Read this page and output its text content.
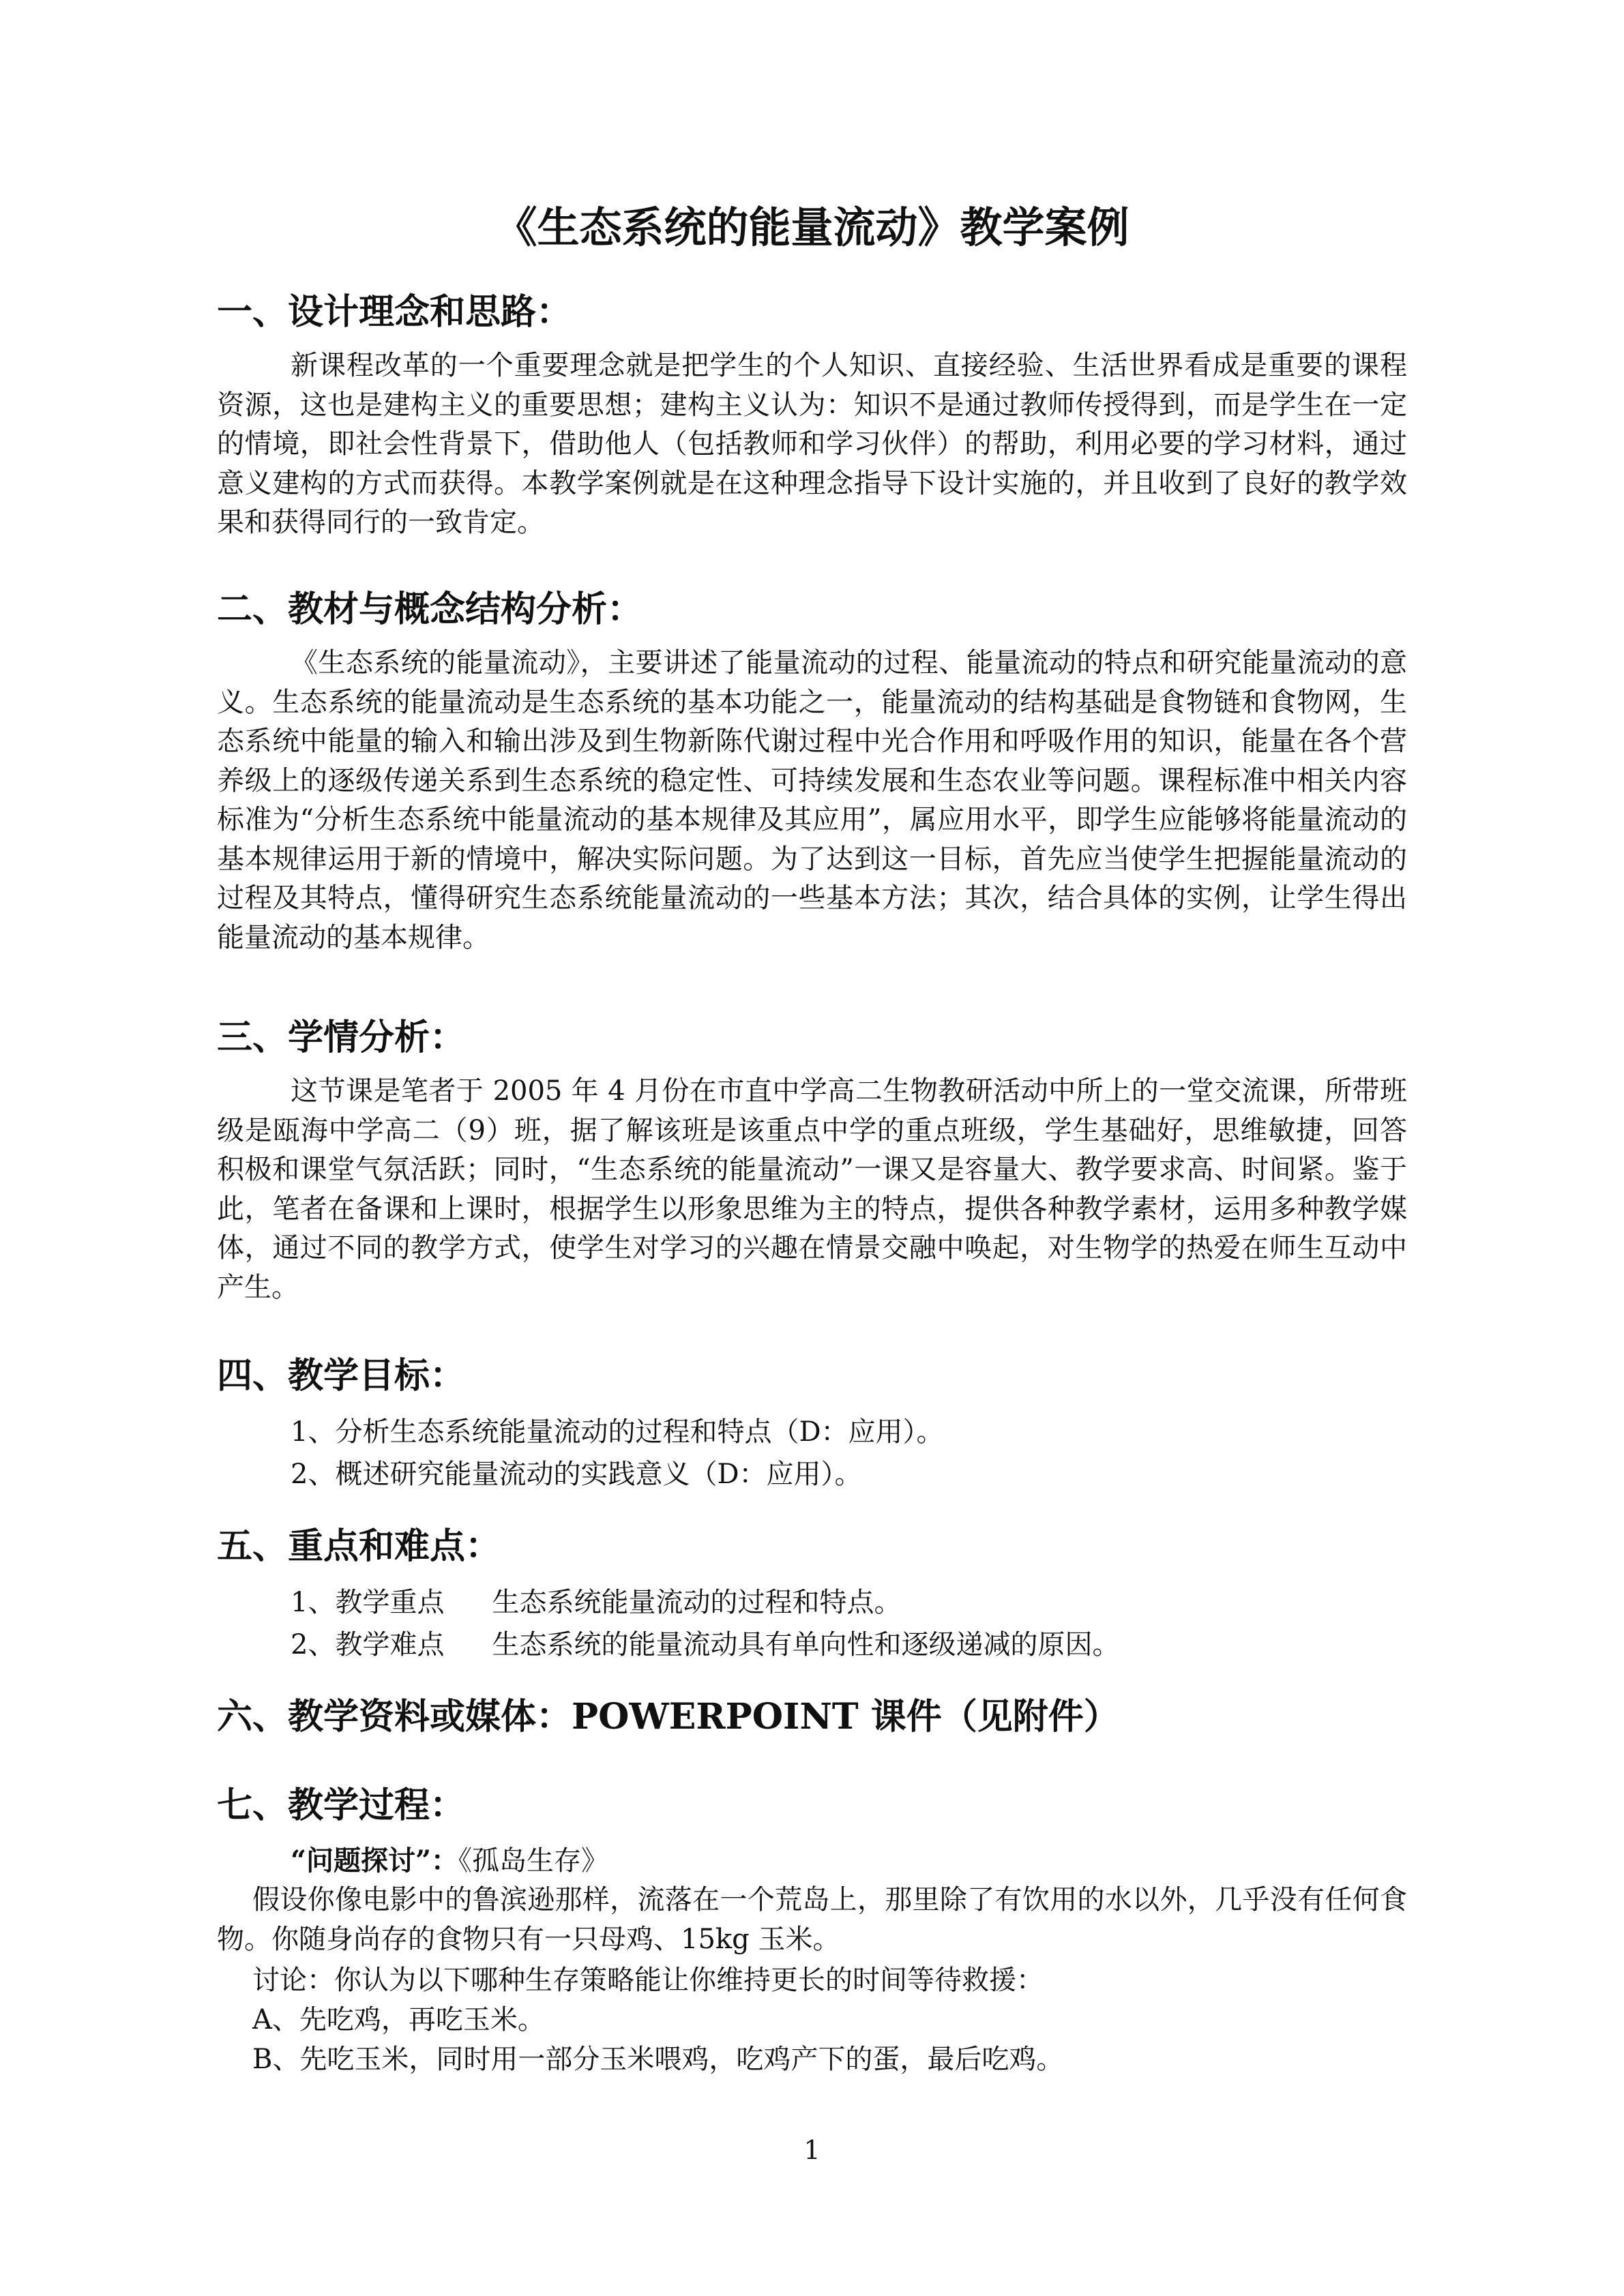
《生态系统的能量流动》教学案例
一、设计理念和思路：

新课程改革的一个重要理念就是把学生的个人知识、直接经验、生活世界看成是重要的课程资源，这也是建构主义的重要思想；建构主义认为：知识不是通过教师传授得到，而是学生在一定的情境，即社会性背景下，借助他人（包括教师和学习伙伴）的帮助，利用必要的学习材料，通过意义建构的方式而获得。本教学案例就是在这种理念指导下设计实施的，并且收到了良好的教学效果和获得同行的一致肯定。

二、教材与概念结构分析：

《生态系统的能量流动》，主要讲述了能量流动的过程、能量流动的特点和研究能量流动的意义。生态系统的能量流动是生态系统的基本功能之一，能量流动的结构基础是食物链和食物网，生态系统中能量的输入和输出涉及到生物新陈代谢过程中光合作用和呼吸作用的知识，能量在各个营养级上的逐级传递关系到生态系统的稳定性、可持续发展和生态农业等问题。课程标准中相关内容标准为“分析生态系统中能量流动的基本规律及其应用”，属应用水平，即学生应能够将能量流动的基本规律运用于新的情境中，解决实际问题。为了达到这一目标，首先应当使学生把握能量流动的过程及其特点，懂得研究生态系统能量流动的一些基本方法；其次，结合具体的实例，让学生得出能量流动的基本规律。

三、学情分析：

这节课是笔者于 2005 年 4 月份在市直中学高二生物教研活动中所上的一堂交流课，所带班级是瓯海中学高二（9）班，据了解该班是该重点中学的重点班级，学生基础好，思维敏捷，回答积极和课堂气氛活跃；同时，“生态系统的能量流动”一课又是容量大、教学要求高、时间紧。鉴于此，笔者在备课和上课时，根据学生以形象思维为主的特点，提供各种教学素材，运用多种教学媒体，通过不同的教学方式，使学生对学习的兴趣在情景交融中唤起，对生物学的热爱在师生互动中产生。

四、教学目标：
1、分析生态系统能量流动的过程和特点（D：应用）。
2、概述研究能量流动的实践意义（D：应用）。
五、重点和难点：
1、教学重点 生态系统能量流动的过程和特点。
2、教学难点 生态系统的能量流动具有单向性和逐级递减的原因。
六、教学资料或媒体：POWERPOINT 课件（见附件）
七、教学过程：
“问题探讨”：《孤岛生存》

假设你像电影中的鲁滨逊那样，流落在一个荒岛上，那里除了有饮用的水以外，几乎没有任何食物。你随身尚存的食物只有一只母鸡、15kg 玉米。

讨论：你认为以下哪种生存策略能让你维持更长的时间等待救援：
A、先吃鸡，再吃玉米。
B、先吃玉米，同时用一部分玉米喂鸡，吃鸡产下的蛋，最后吃鸡。
1
